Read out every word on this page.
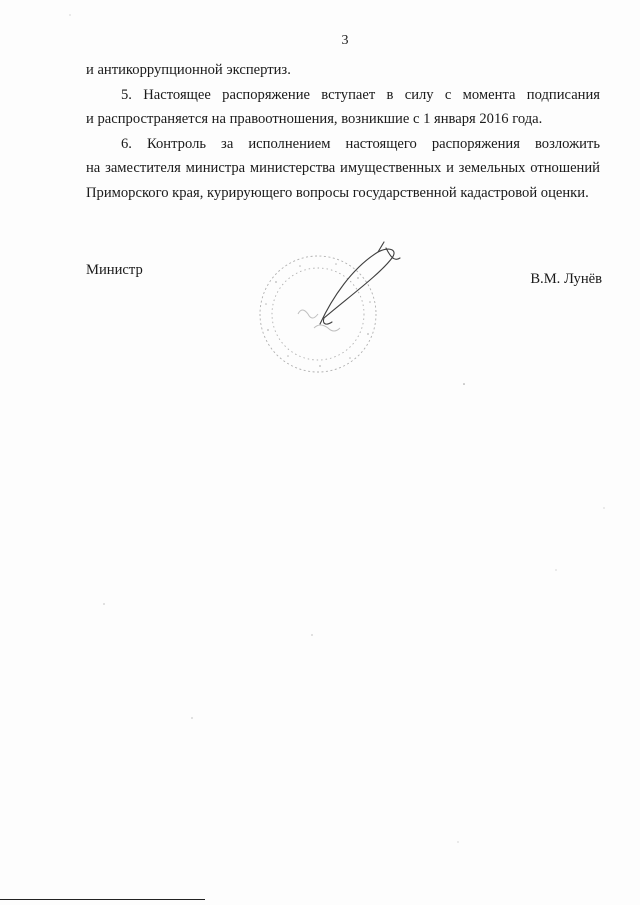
3

и антикоррупционной экспертиз.

5. Настоящее распоряжение вступает в силу с момента подписания
и распространяется на правоотношения, возникшие с 1 января 2016 года.

6. Контроль за исполнением настоящего распоряжения возложить
на заместителя министра министерства имущественных и земельных отношений
Приморского края, курирующего вопросы государственной кадастровой оценки.

Министр
В.М. Лунёв
